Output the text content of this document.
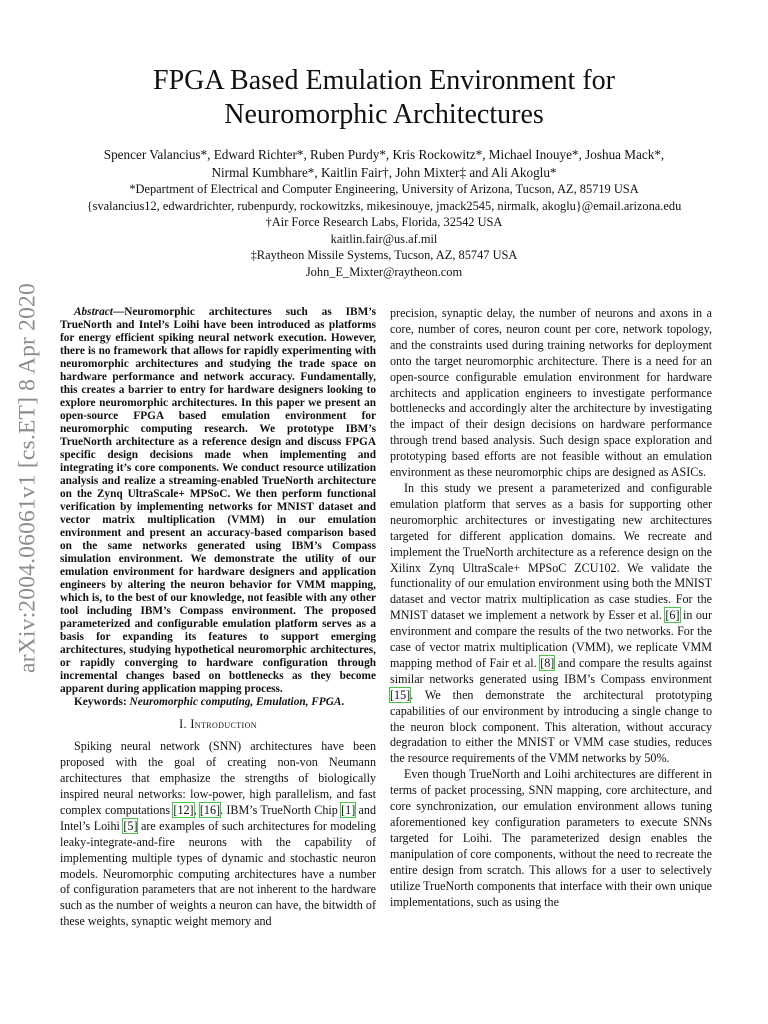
arXiv:2004.06061v1 [cs.ET] 8 Apr 2020
FPGA Based Emulation Environment for
Neuromorphic Architectures
Spencer Valancius*, Edward Richter*, Ruben Purdy*, Kris Rockowitz*, Michael Inouye*, Joshua Mack*,
Nirmal Kumbhare*, Kaitlin Fair†, John Mixter‡ and Ali Akoglu*
*Department of Electrical and Computer Engineering, University of Arizona, Tucson, AZ, 85719 USA
{svalancius12, edwardrichter, rubenpurdy, rockowitzks, mikesinouye, jmack2545, nirmalk, akoglu}@email.arizona.edu
†Air Force Research Labs, Florida, 32542 USA
kaitlin.fair@us.af.mil
‡Raytheon Missile Systems, Tucson, AZ, 85747 USA
John_E_Mixter@raytheon.com

Abstract—Neuromorphic architectures such as IBM’s TrueNorth and Intel’s Loihi have been introduced as platforms for energy efficient spiking neural network execution. However, there is no framework that allows for rapidly experimenting with neuromorphic architectures and studying the trade space on hardware performance and network accuracy. Fundamentally, this creates a barrier to entry for hardware designers looking to explore neuromorphic architectures. In this paper we present an open-source FPGA based emulation environment for neuromorphic computing research. We prototype IBM’s TrueNorth architecture as a reference design and discuss FPGA specific design decisions made when implementing and integrating it’s core components. We conduct resource utilization analysis and realize a streaming-enabled TrueNorth architecture on the Zynq UltraScale+ MPSoC. We then perform functional verification by implementing networks for MNIST dataset and vector matrix multiplication (VMM) in our emulation environment and present an accuracy-based comparison based on the same networks generated using IBM’s Compass simulation environment. We demonstrate the utility of our emulation environment for hardware designers and application engineers by altering the neuron behavior for VMM mapping, which is, to the best of our knowledge, not feasible with any other tool including IBM’s Compass environment. The proposed parameterized and configurable emulation platform serves as a basis for expanding its features to support emerging architectures, studying hypothetical neuromorphic architectures, or rapidly converging to hardware configuration through incremental changes based on bottlenecks as they become apparent during application mapping process.

Keywords: Neuromorphic computing, Emulation, FPGA.

I. Introduction

Spiking neural network (SNN) architectures have been proposed with the goal of creating non-von Neumann architectures that emphasize the strengths of biologically inspired neural networks: low-power, high parallelism, and fast complex computations [12], [16]. IBM’s TrueNorth Chip [1] and Intel’s Loihi [5] are examples of such architectures for modeling leaky-integrate-and-fire neurons with the capability of implementing multiple types of dynamic and stochastic neuron models. Neuromorphic computing architectures have a number of configuration parameters that are not inherent to the hardware such as the number of weights a neuron can have, the bitwidth of these weights, synaptic weight memory and

precision, synaptic delay, the number of neurons and axons in a core, number of cores, neuron count per core, network topology, and the constraints used during training networks for deployment onto the target neuromorphic architecture. There is a need for an open-source configurable emulation environment for hardware architects and application engineers to investigate performance bottlenecks and accordingly alter the architecture by investigating the impact of their design decisions on hardware performance through trend based analysis. Such design space exploration and prototyping based efforts are not feasible without an emulation environment as these neuromorphic chips are designed as ASICs.

In this study we present a parameterized and configurable emulation platform that serves as a basis for supporting other neuromorphic architectures or investigating new architectures targeted for different application domains. We recreate and implement the TrueNorth architecture as a reference design on the Xilinx Zynq UltraScale+ MPSoC ZCU102. We validate the functionality of our emulation environment using both the MNIST dataset and vector matrix multiplication as case studies. For the MNIST dataset we implement a network by Esser et al. [6] in our environment and compare the results of the two networks. For the case of vector matrix multiplication (VMM), we replicate VMM mapping method of Fair et al. [8] and compare the results against similar networks generated using IBM’s Compass environment [15]. We then demonstrate the architectural prototyping capabilities of our environment by introducing a single change to the neuron block component. This alteration, without accuracy degradation to either the MNIST or VMM case studies, reduces the resource requirements of the VMM networks by 50%.

Even though TrueNorth and Loihi architectures are different in terms of packet processing, SNN mapping, core architecture, and core synchronization, our emulation environment allows tuning aforementioned key configuration parameters to execute SNNs targeted for Loihi. The parameterized design enables the manipulation of core components, without the need to recreate the entire design from scratch. This allows for a user to selectively utilize TrueNorth components that interface with their own unique implementations, such as using the
